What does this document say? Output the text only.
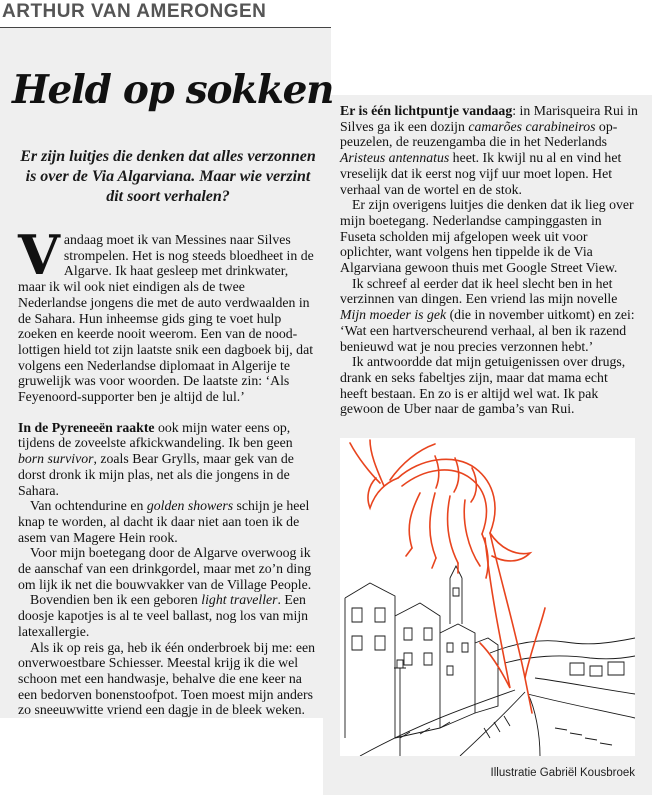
ARTHUR VAN AMERONGEN
Held op sokken

Er zijn luitjes die denken dat alles verzonnen is over de Via Algarviana. Maar wie verzint dit soort verhalen?

Vandaag moet ik van Messines naar Silves strompelen. Het is nog steeds bloedheet in de Algarve. Ik haat gesleep met drinkwater, maar ik wil ook niet eindigen als de twee Nederlandse jongens die met de auto verdwaalden in de Sahara. Hun inheemse gids ging te voet hulp zoeken en keerde nooit weerom. Een van de nood-lottigen hield tot zijn laatste snik een dagboek bij, dat volgens een Nederlandse diplomaat in Algerije te gruwelijk was voor woorden. De laatste zin: ‘Als Feyenoord-supporter ben je altijd de lul.’

In de Pyreneeën raakte ook mijn water eens op, tijdens de zoveelste afkickwandeling. Ik ben geen born survivor, zoals Bear Grylls, maar gek van de dorst dronk ik mijn plas, net als die jongens in de Sahara.

Van ochtendurine en golden showers schijn je heel knap te worden, al dacht ik daar niet aan toen ik de asem van Magere Hein rook.

Voor mijn boetegang door de Algarve overwoog ik de aanschaf van een drinkgordel, maar met zo’n ding om lijk ik net die bouwvakker van de Village People.

Bovendien ben ik een geboren light traveller. Een doosje kapotjes is al te veel ballast, nog los van mijn latexallergie.

Als ik op reis ga, heb ik één onderbroek bij me: een onverwoestbare Schiesser. Meestal krijg ik die wel schoon met een handwasje, behalve die ene keer na een bedorven bonenstoofpot. Toen moest mijn anders zo sneeuwwitte vriend een dagje in de bleek weken.

Er is één lichtpuntje vandaag: in Marisqueira Rui in Silves ga ik een dozijn camarões carabineiros op-peuzelen, de reuzengamba die in het Nederlands Aristeus antennatus heet. Ik kwijl nu al en vind het vreselijk dat ik eerst nog vijf uur moet lopen. Het verhaal van de wortel en de stok.

Er zijn overigens luitjes die denken dat ik lieg over mijn boetegang. Nederlandse campinggasten in Fuseta scholden mij afgelopen week uit voor oplichter, want volgens hen tippelde ik de Via Algarviana gewoon thuis met Google Street View.

Ik schreef al eerder dat ik heel slecht ben in het verzinnen van dingen. Een vriend las mijn novelle Mijn moeder is gek (die in november uitkomt) en zei: ‘Wat een hartverscheurend verhaal, al ben ik razend benieuwd wat je nou precies verzonnen hebt.’

Ik antwoordde dat mijn getuigenissen over drugs, drank en seks fabeltjes zijn, maar dat mama echt heeft bestaan. En zo is er altijd wel wat. Ik pak gewoon de Uber naar de gamba’s van Rui.

Illustratie Gabriël Kousbroek
